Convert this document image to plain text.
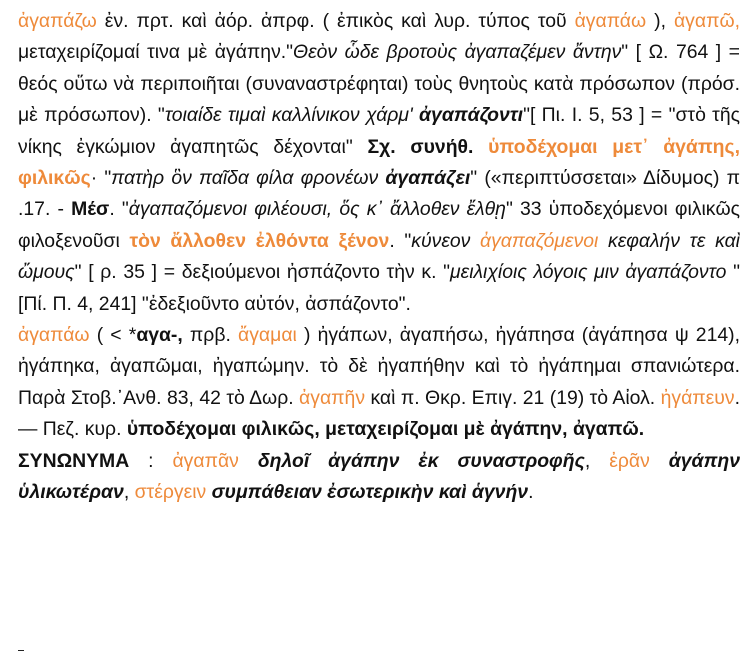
ἀγαπάζω ἐν. πρτ. καὶ ἀόρ. ἀπρφ. ( ἐπικὸς καὶ λυρ. τύπος τοῦ ἀγαπάω ), ἀγαπῶ, μεταχειρίζομαί τινα μὲ ἀγάπην."Θεὸν ὧδε βροτοὺς ἀγαπαζέμεν ἄντην" [ Ω. 764 ] = θεός οὕτω νὰ περιποιῆται (συναναστρέφηται) τοὺς θνητοὺς κατὰ πρόσωπον (πρόσ. μὲ πρόσωπον). "τοιαίδε τιμαὶ καλλίνικον χάρμ' ἀγαπάζοντι"[ Πι. Ι. 5, 53 ] = "στὸ τῆς νίκης ἐγκώμιον ἀγαπητῶς δέχονται" Σχ. συνήθ. ὑποδέχομαι μετ᾽ ἀγάπης, φιλικῶς· "πατὴρ ὃν παῖδα φίλα φρονέων ἀγαπάζει" («περιπτύσσεται» Δίδυμος) π .17. - Μέσ. "ἀγαπαζόμενοι φιλέουσι, ὅς κ᾽ ἄλλοθεν ἔλθῃ" 33 ὑποδεχόμενοι φιλικῶς φιλοξενοῦσι τὸν ἄλλοθεν ἐλθόντα ξένον. "κύνεον ἀγαπαζόμενοι κεφαλήν τε καὶ ὤμους" [ ρ. 35 ] = δεξιούμενοι ἠσπάζοντο τὴν κ. "μειλιχίοις λόγοις μιν ἀγαπάζοντο "[Πί. Π. 4, 241] "ἐδεξιοῦντο αὐτόν, ἀσπάζοντο".

ἀγαπάω ( < *αγα-, πρβ. ἄγαμαι ) ἠγάπων, ἀγαπήσω, ἠγάπησα (ἀγάπησα ψ 214), ἠγάπηκα, ἀγαπῶμαι, ἠγαπώμην. τὸ δὲ ἠγαπήθην καὶ τὸ ἠγάπημαι σπανιώτερα. Παρὰ Στοβ.᾽Ανθ. 83, 42 τὸ Δωρ. ἀγαπῆν καὶ π. Θκρ. Επιγ. 21 (19) τὸ Αἰολ. ἠγάπευν. — Πεζ. κυρ. ὑποδέχομαι φιλικῶς, μεταχειρίζομαι μὲ ἀγάπην, ἀγαπῶ.

ΣΥΝΩΝΥΜΑ : ἀγαπᾶν δηλοῖ ἀγάπην ἐκ συναστροφῆς, ἐρᾶν ἀγάπην ὑλικωτέραν, στέργειν συμπάθειαν ἐσωτερικὴν καὶ ἁγνήν.
